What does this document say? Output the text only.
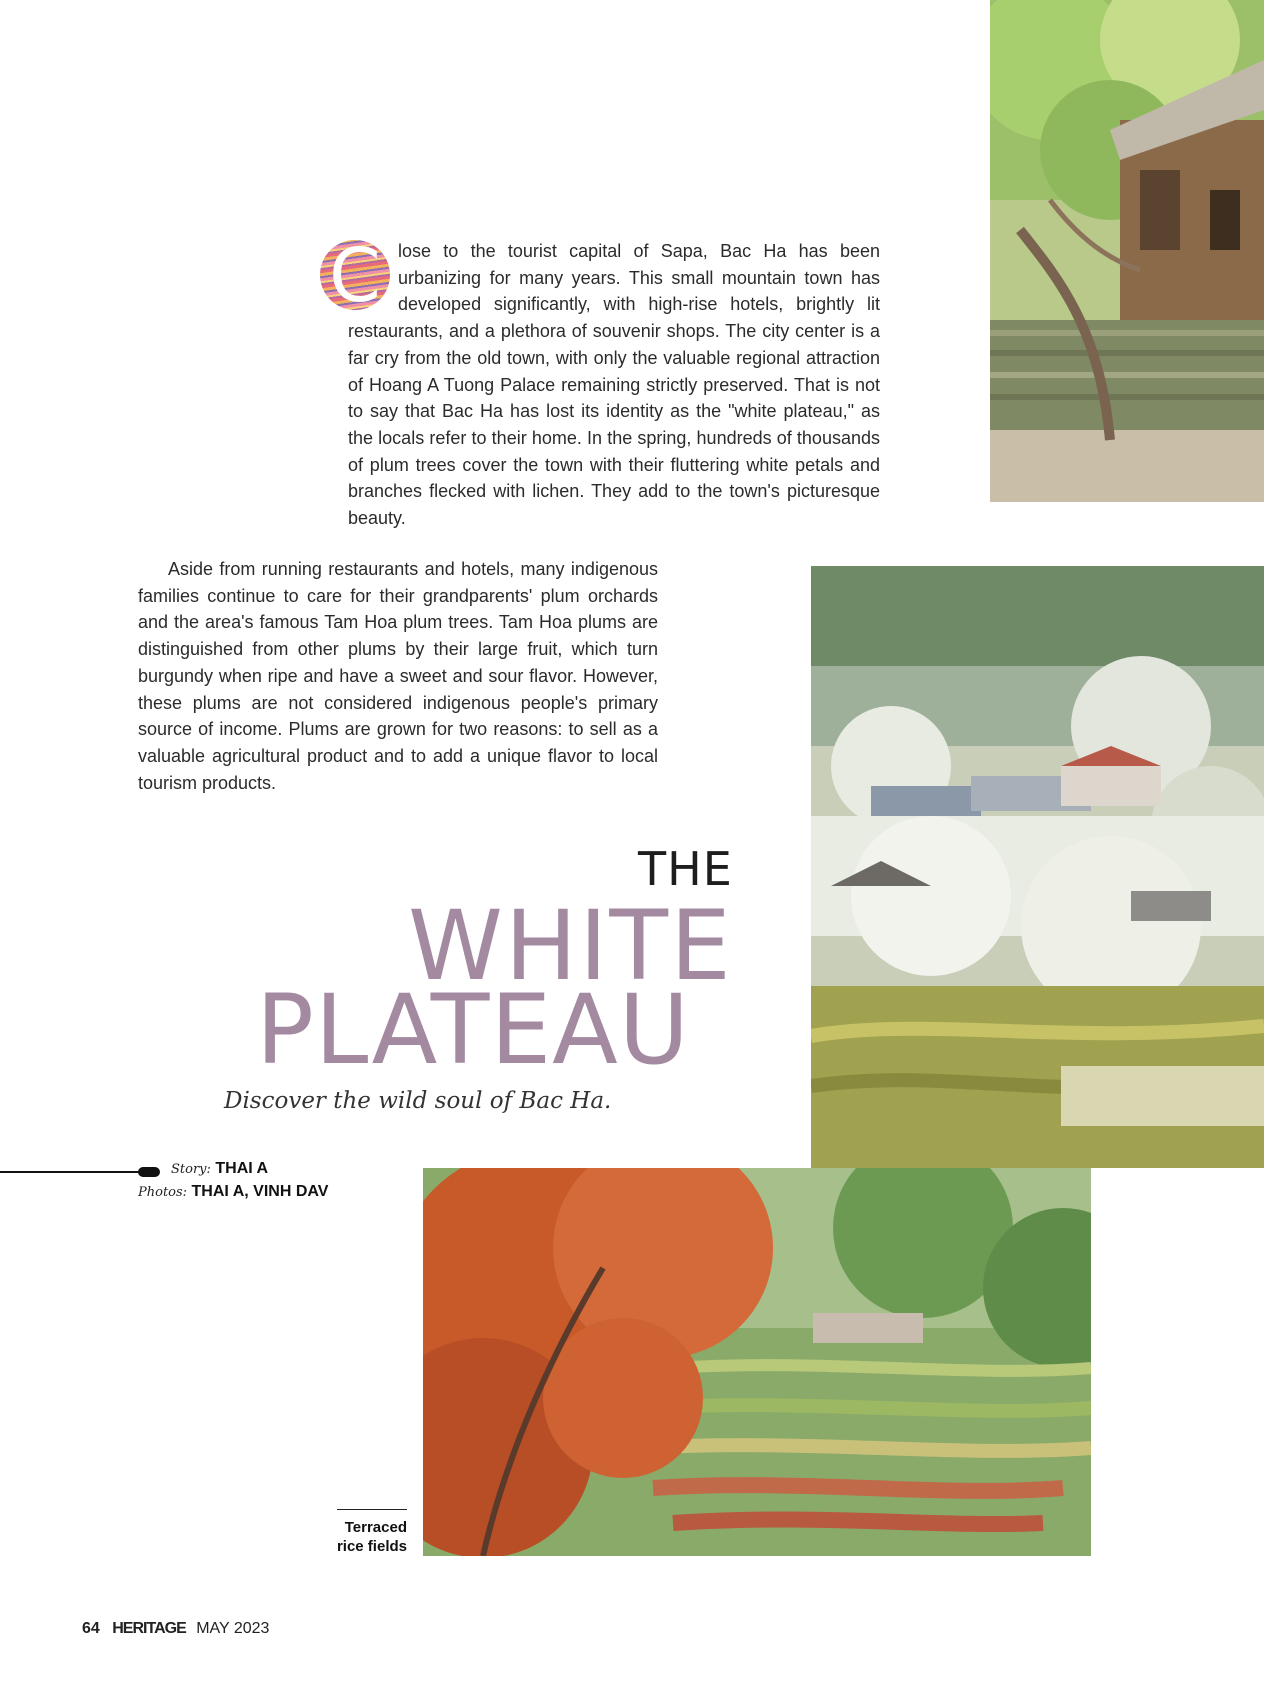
C lose to the tourist capital of Sapa, Bac Ha has been urbanizing for many years. This small mountain town has developed significantly, with high-rise hotels, brightly lit restaurants, and a plethora of souvenir shops. The city center is a far cry from the old town, with only the valuable regional attraction of Hoang A Tuong Palace remaining strictly preserved. That is not to say that Bac Ha has lost its identity as the "white plateau," as the locals refer to their home. In the spring, hundreds of thousands of plum trees cover the town with their fluttering white petals and branches flecked with lichen. They add to the town's picturesque beauty.
Aside from running restaurants and hotels, many indigenous families continue to care for their grandparents' plum orchards and the area's famous Tam Hoa plum trees. Tam Hoa plums are distinguished from other plums by their large fruit, which turn burgundy when ripe and have a sweet and sour flavor. However, these plums are not considered indigenous people's primary source of income. Plums are grown for two reasons: to sell as a valuable agricultural product and to add a unique flavor to local tourism products.
THE
WHITE
PLATEAU
Discover the wild soul of Bac Ha.
Story: THAI A
Photos: THAI A, VINH DAV
Terraced
rice fields
64 HERITAGE MAY 2023
